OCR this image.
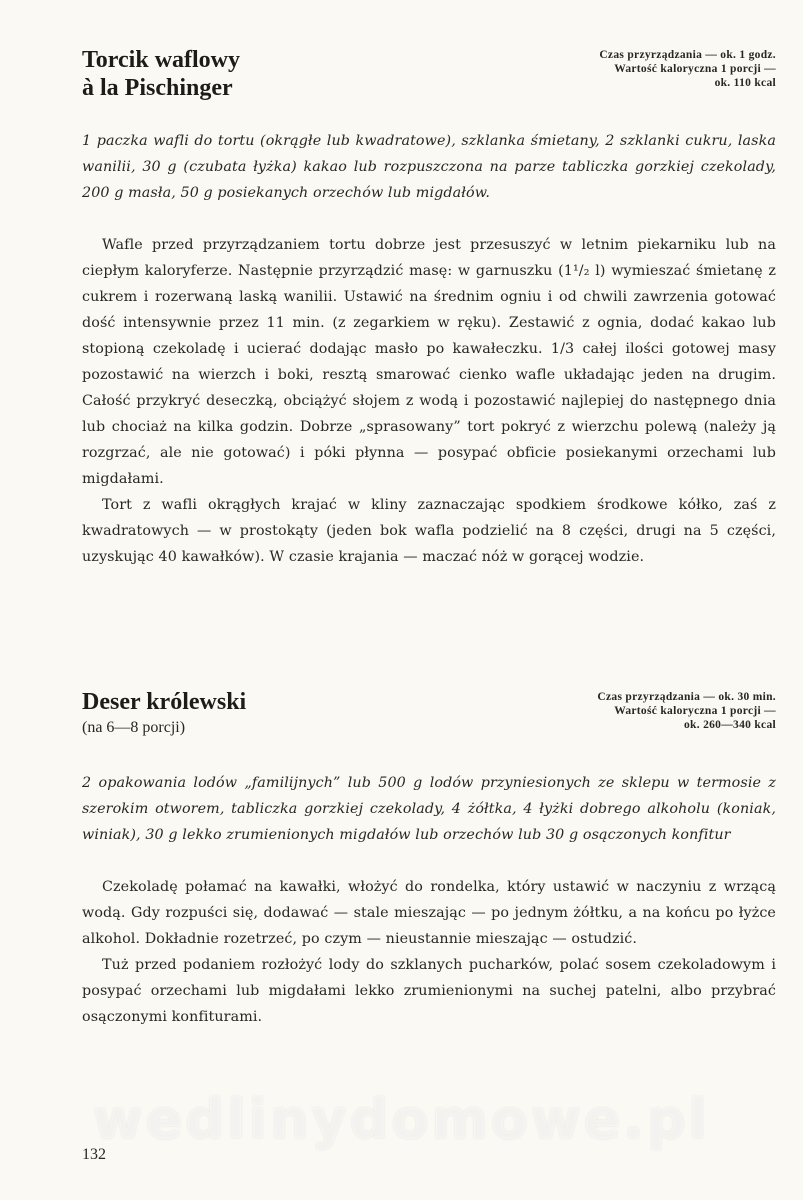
Torcik waflowy
à la Pischinger
Czas przyrządzania — ok. 1 godz.
Wartość kaloryczna 1 porcji —
ok. 110 kcal

1 paczka wafli do tortu (okrągłe lub kwadratowe), szklanka śmietany, 2 szklanki cukru, laska wanilii, 30 g (czubata łyżka) kakao lub rozpuszczona na parze tabliczka gorzkiej czekolady, 200 g masła, 50 g posiekanych orzechów lub migdałów.

Wafle przed przyrządzaniem tortu dobrze jest przesuszyć w letnim piekarniku lub na ciepłym kaloryferze. Następnie przyrządzić masę: w garnuszku (1¹/₂ l) wymieszać śmietanę z cukrem i rozerwaną laską wanilii. Ustawić na średnim ogniu i od chwili zawrzenia gotować dość intensywnie przez 11 min. (z zegarkiem w ręku). Zestawić z ognia, dodać kakao lub stopioną czekoladę i ucierać dodając masło po kawałeczku. 1/3 całej ilości gotowej masy pozostawić na wierzch i boki, resztą smarować cienko wafle układając jeden na drugim. Całość przykryć deseczką, obciążyć słojem z wodą i pozostawić najlepiej do następnego dnia lub chociaż na kilka godzin. Dobrze „sprasowany” tort pokryć z wierzchu polewą (należy ją rozgrzać, ale nie gotować) i póki płynna — posypać obficie posiekanymi orzechami lub migdałami.

Tort z wafli okrągłych krajać w kliny zaznaczając spodkiem środkowe kółko, zaś z kwadratowych — w prostokąty (jeden bok wafla podzielić na 8 części, drugi na 5 części, uzyskując 40 kawałków). W czasie krajania — maczać nóż w gorącej wodzie.

Deser królewski
(na 6—8 porcji)
Czas przyrządzania — ok. 30 min.
Wartość kaloryczna 1 porcji —
ok. 260—340 kcal

2 opakowania lodów „familijnych” lub 500 g lodów przyniesionych ze sklepu w termosie z szerokim otworem, tabliczka gorzkiej czekolady, 4 żółtka, 4 łyżki dobrego alkoholu (koniak, winiak), 30 g lekko zrumienionych migdałów lub orzechów lub 30 g osączonych konfitur

Czekoladę połamać na kawałki, włożyć do rondelka, który ustawić w naczyniu z wrzącą wodą. Gdy rozpuści się, dodawać — stale mieszając — po jednym żółtku, a na końcu po łyżce alkohol. Dokładnie rozetrzeć, po czym — nieustannie mieszając — ostudzić.

Tuż przed podaniem rozłożyć lody do szklanych pucharków, polać sosem czekoladowym i posypać orzechami lub migdałami lekko zrumienionymi na suchej patelni, albo przybrać osączonymi konfiturami.

wedlinydomowe.pl
132
